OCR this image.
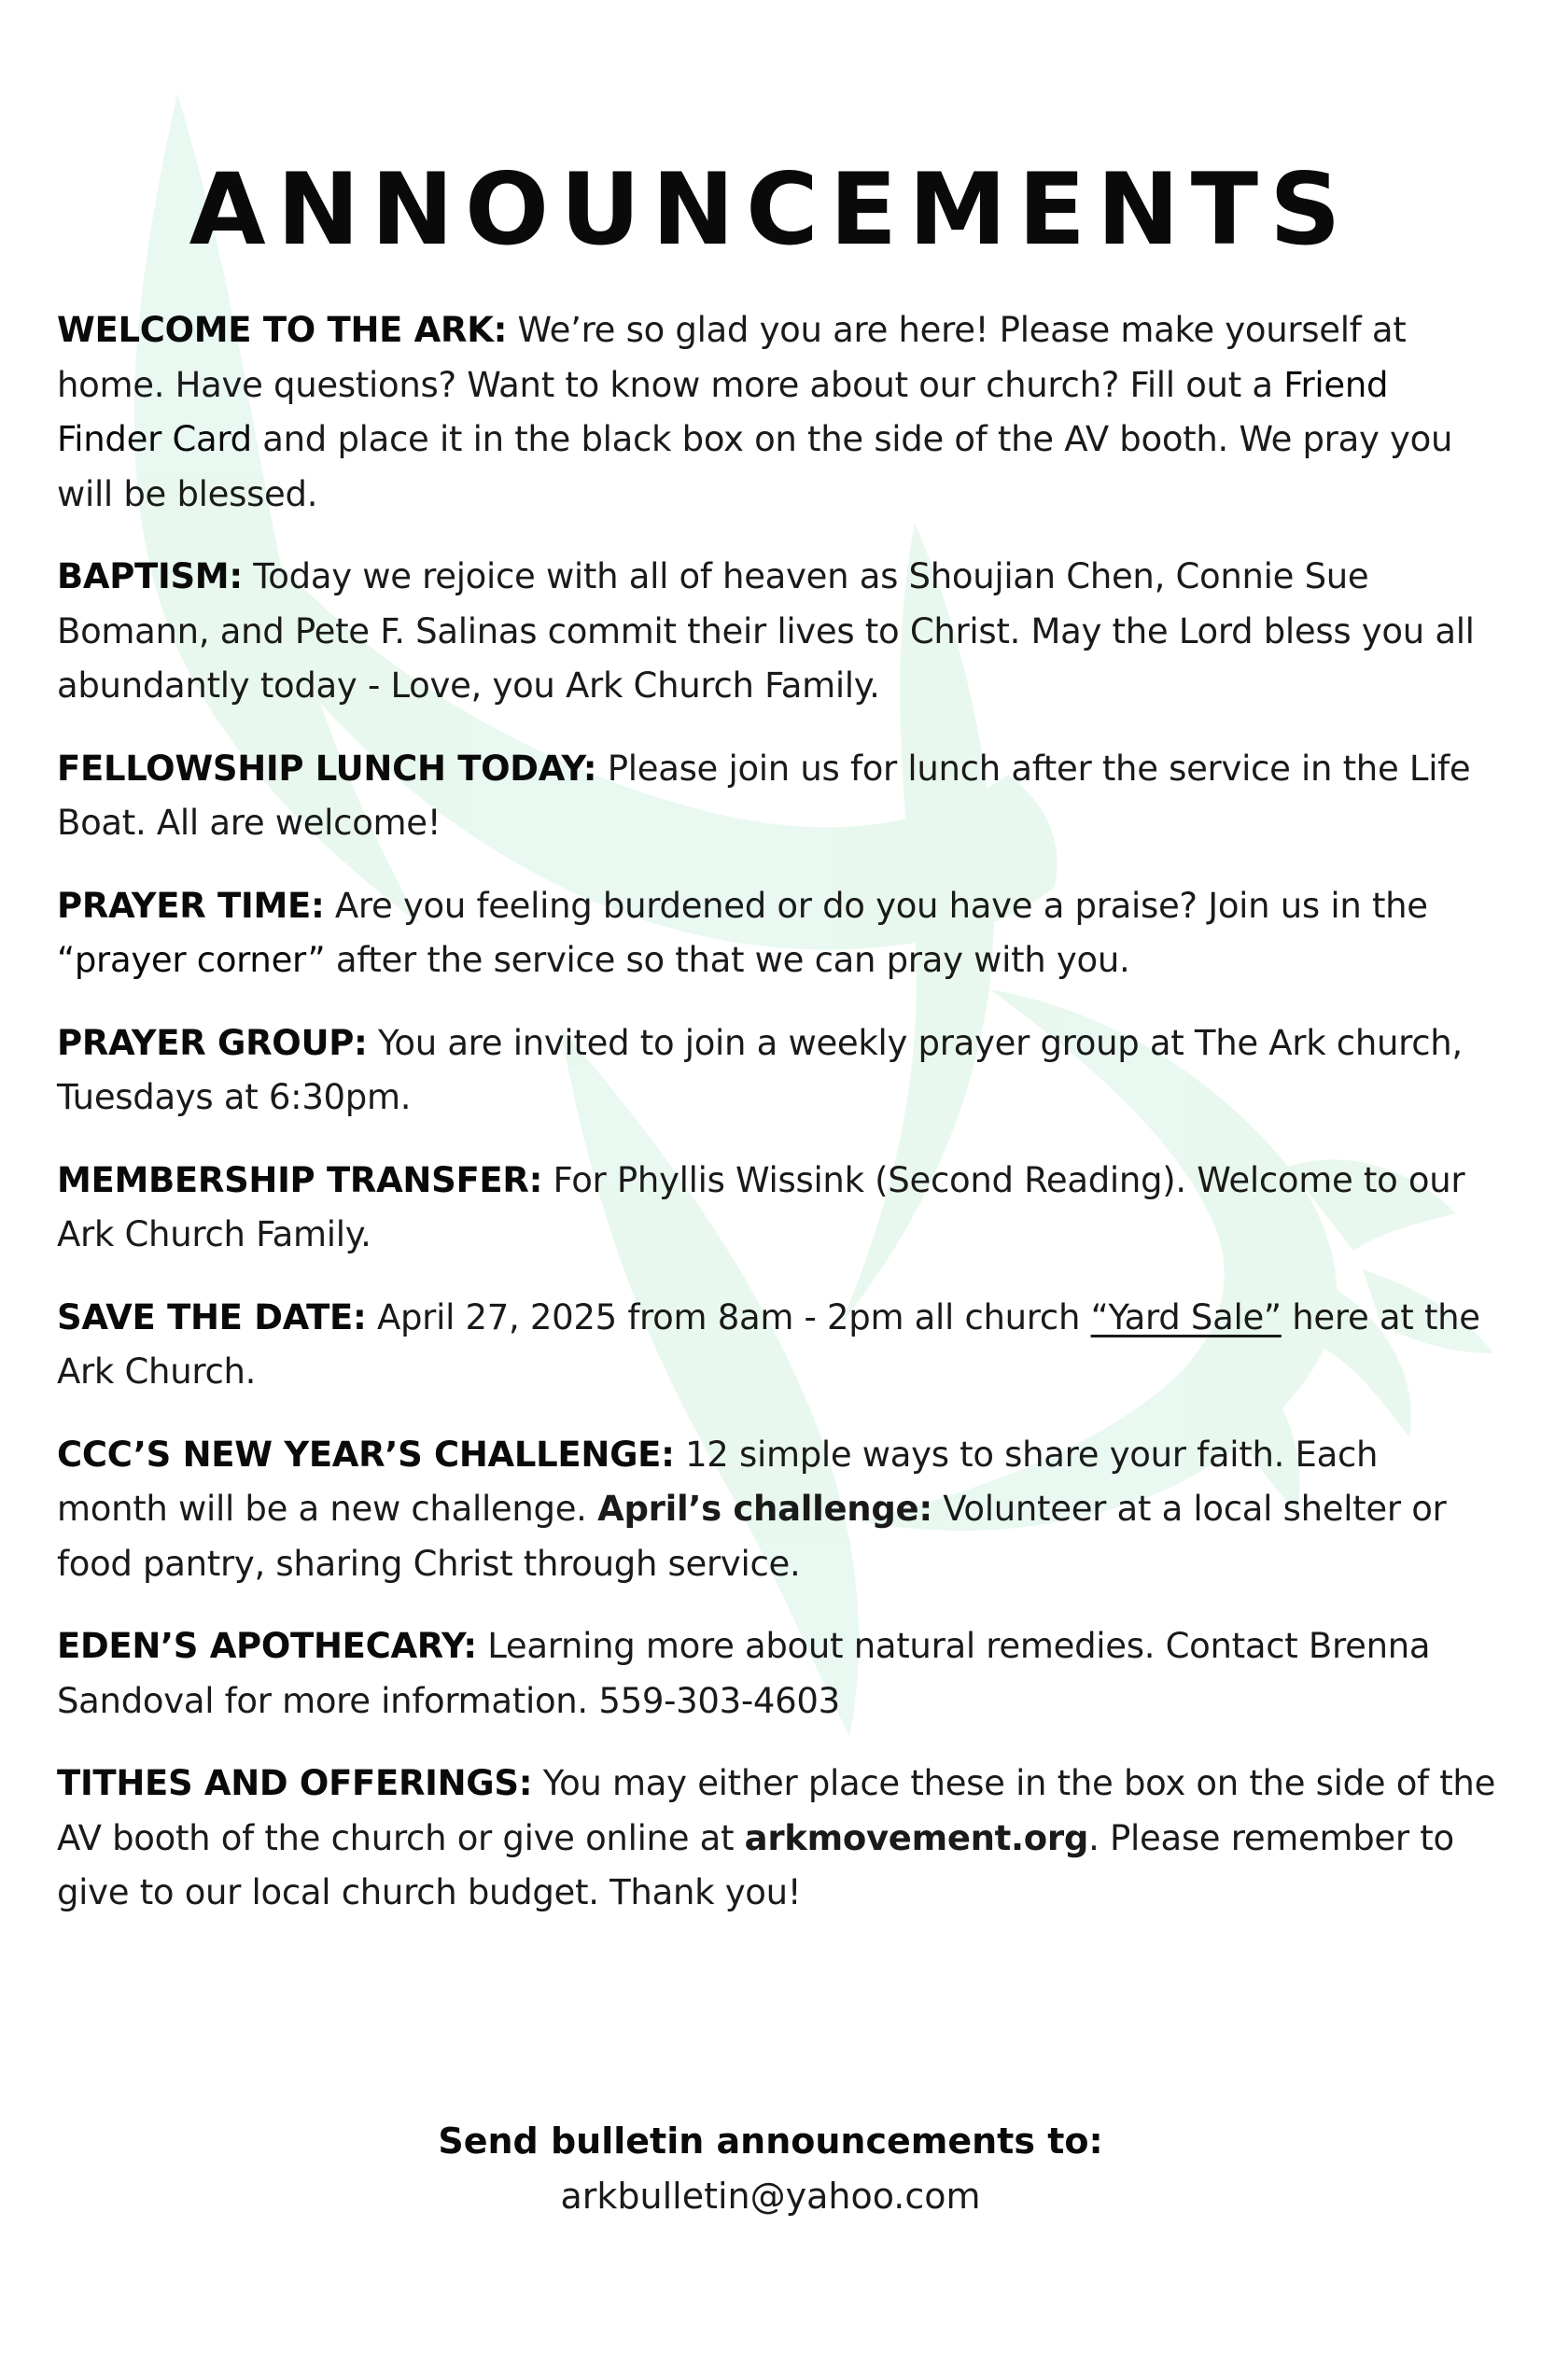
ANNOUNCEMENTS

WELCOME TO THE ARK: We’re so glad you are here! Please make yourself at home. Have questions? Want to know more about our church? Fill out a Friend Finder Card and place it in the black box on the side of the AV booth. We pray you will be blessed.

BAPTISM: Today we rejoice with all of heaven as Shoujian Chen, Connie Sue Bomann, and Pete F. Salinas commit their lives to Christ. May the Lord bless you all abundantly today - Love, you Ark Church Family.

FELLOWSHIP LUNCH TODAY: Please join us for lunch after the service in the Life Boat. All are welcome!

PRAYER TIME: Are you feeling burdened or do you have a praise? Join us in the “prayer corner” after the service so that we can pray with you.

PRAYER GROUP: You are invited to join a weekly prayer group at The Ark church, Tuesdays at 6:30pm.

MEMBERSHIP TRANSFER: For Phyllis Wissink (Second Reading). Welcome to our Ark Church Family.

SAVE THE DATE: April 27, 2025 from 8am - 2pm all church “Yard Sale” here at the Ark Church.

CCC’S NEW YEAR’S CHALLENGE: 12 simple ways to share your faith. Each month will be a new challenge. April’s challenge: Volunteer at a local shelter or food pantry, sharing Christ through service.

EDEN’S APOTHECARY: Learning more about natural remedies. Contact Brenna Sandoval for more information. 559-303-4603

TITHES AND OFFERINGS: You may either place these in the box on the side of the AV booth of the church or give online at arkmovement.org. Please remember to give to our local church budget. Thank you!

Send bulletin announcements to:
arkbulletin@yahoo.com
